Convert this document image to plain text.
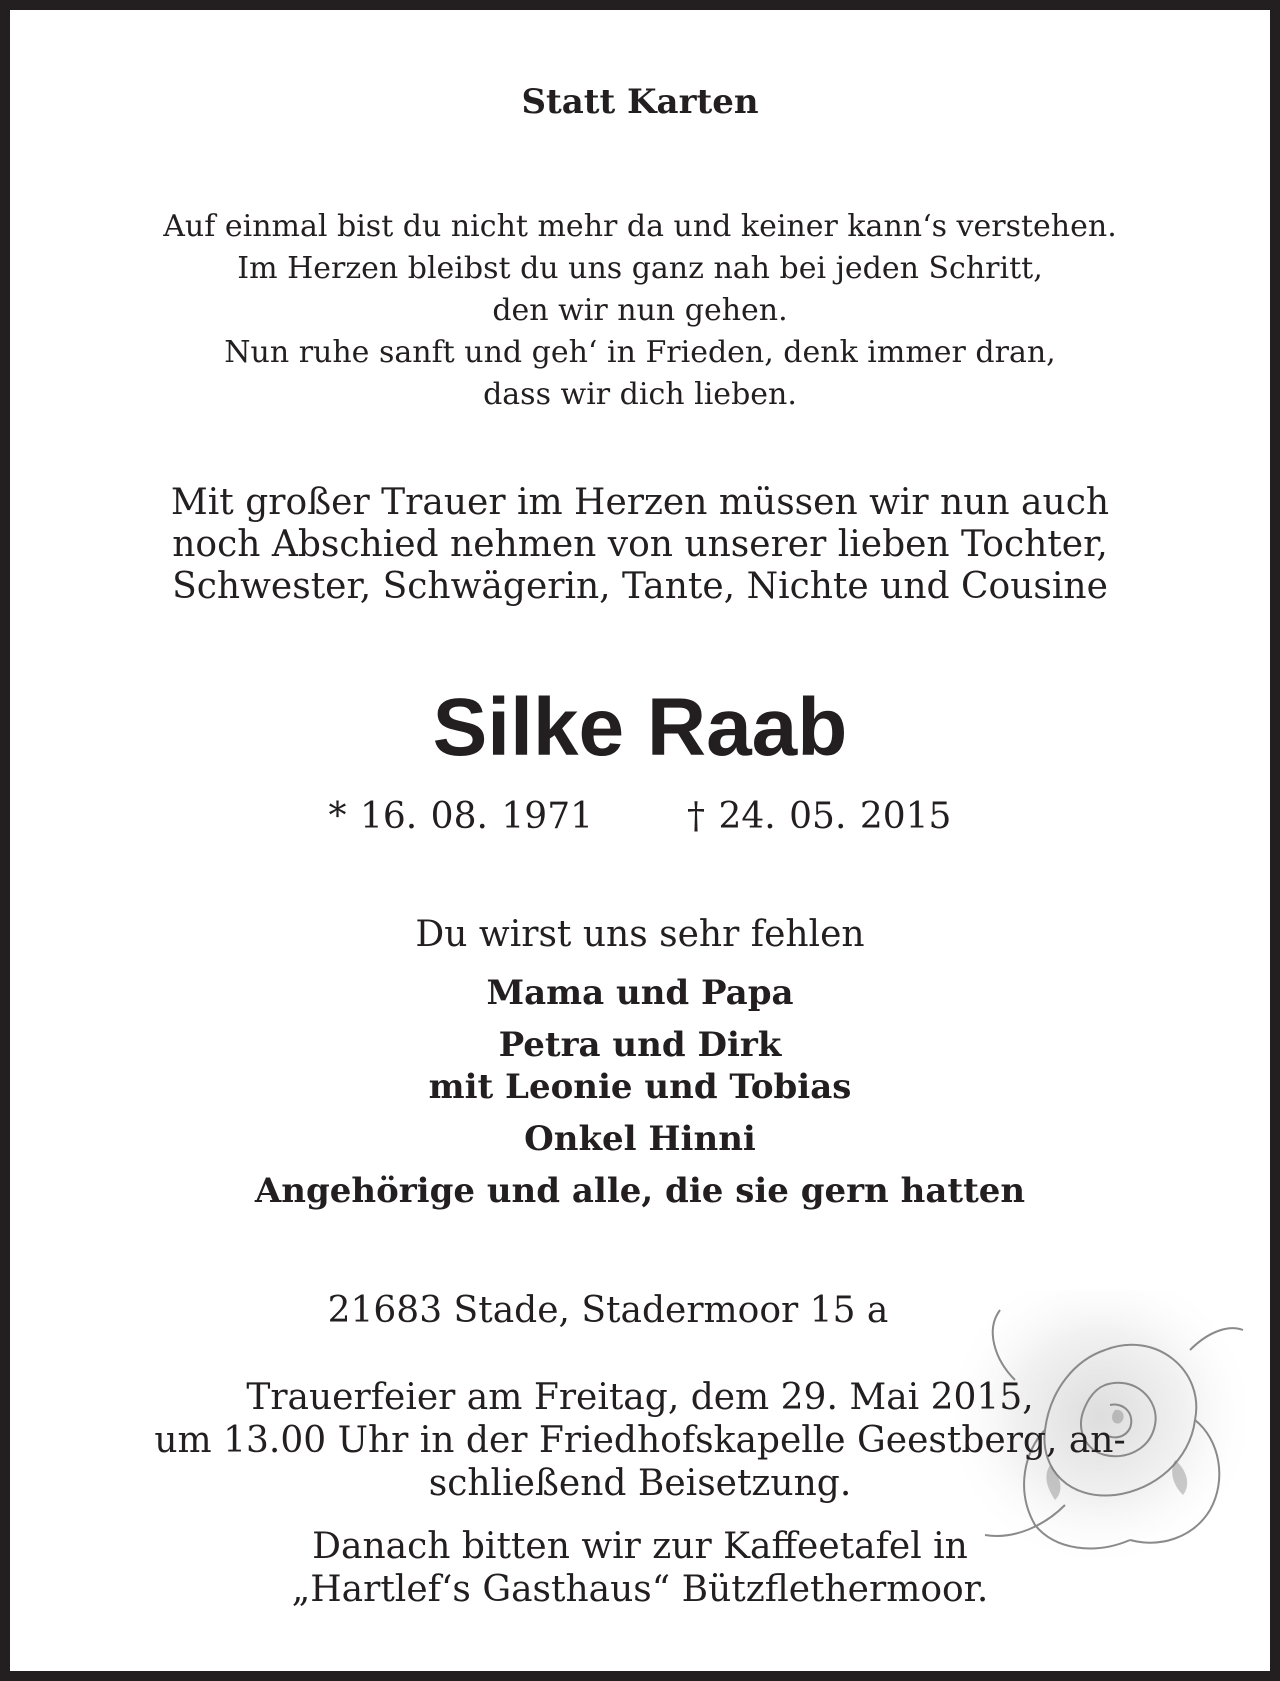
Statt Karten
Auf einmal bist du nicht mehr da und keiner kann‘s verstehen.
Im Herzen bleibst du uns ganz nah bei jeden Schritt,
den wir nun gehen.
Nun ruhe sanft und geh‘ in Frieden, denk immer dran,
dass wir dich lieben.
Mit großer Trauer im Herzen müssen wir nun auch
noch Abschied nehmen von unserer lieben Tochter,
Schwester, Schwägerin, Tante, Nichte und Cousine
Silke Raab
* 16. 08. 1971	† 24. 05. 2015
Du wirst uns sehr fehlen
Mama und Papa
Petra und Dirk
mit Leonie und Tobias
Onkel Hinni
Angehörige und alle, die sie gern hatten
21683 Stade, Stadermoor 15 a
Trauerfeier am Freitag, dem 29. Mai 2015,
um 13.00 Uhr in der Friedhofskapelle Geestberg, an-
schließend Beisetzung.
Danach bitten wir zur Kaffeetafel in
„Hartlef‘s Gasthaus“ Bützflethermoor.
